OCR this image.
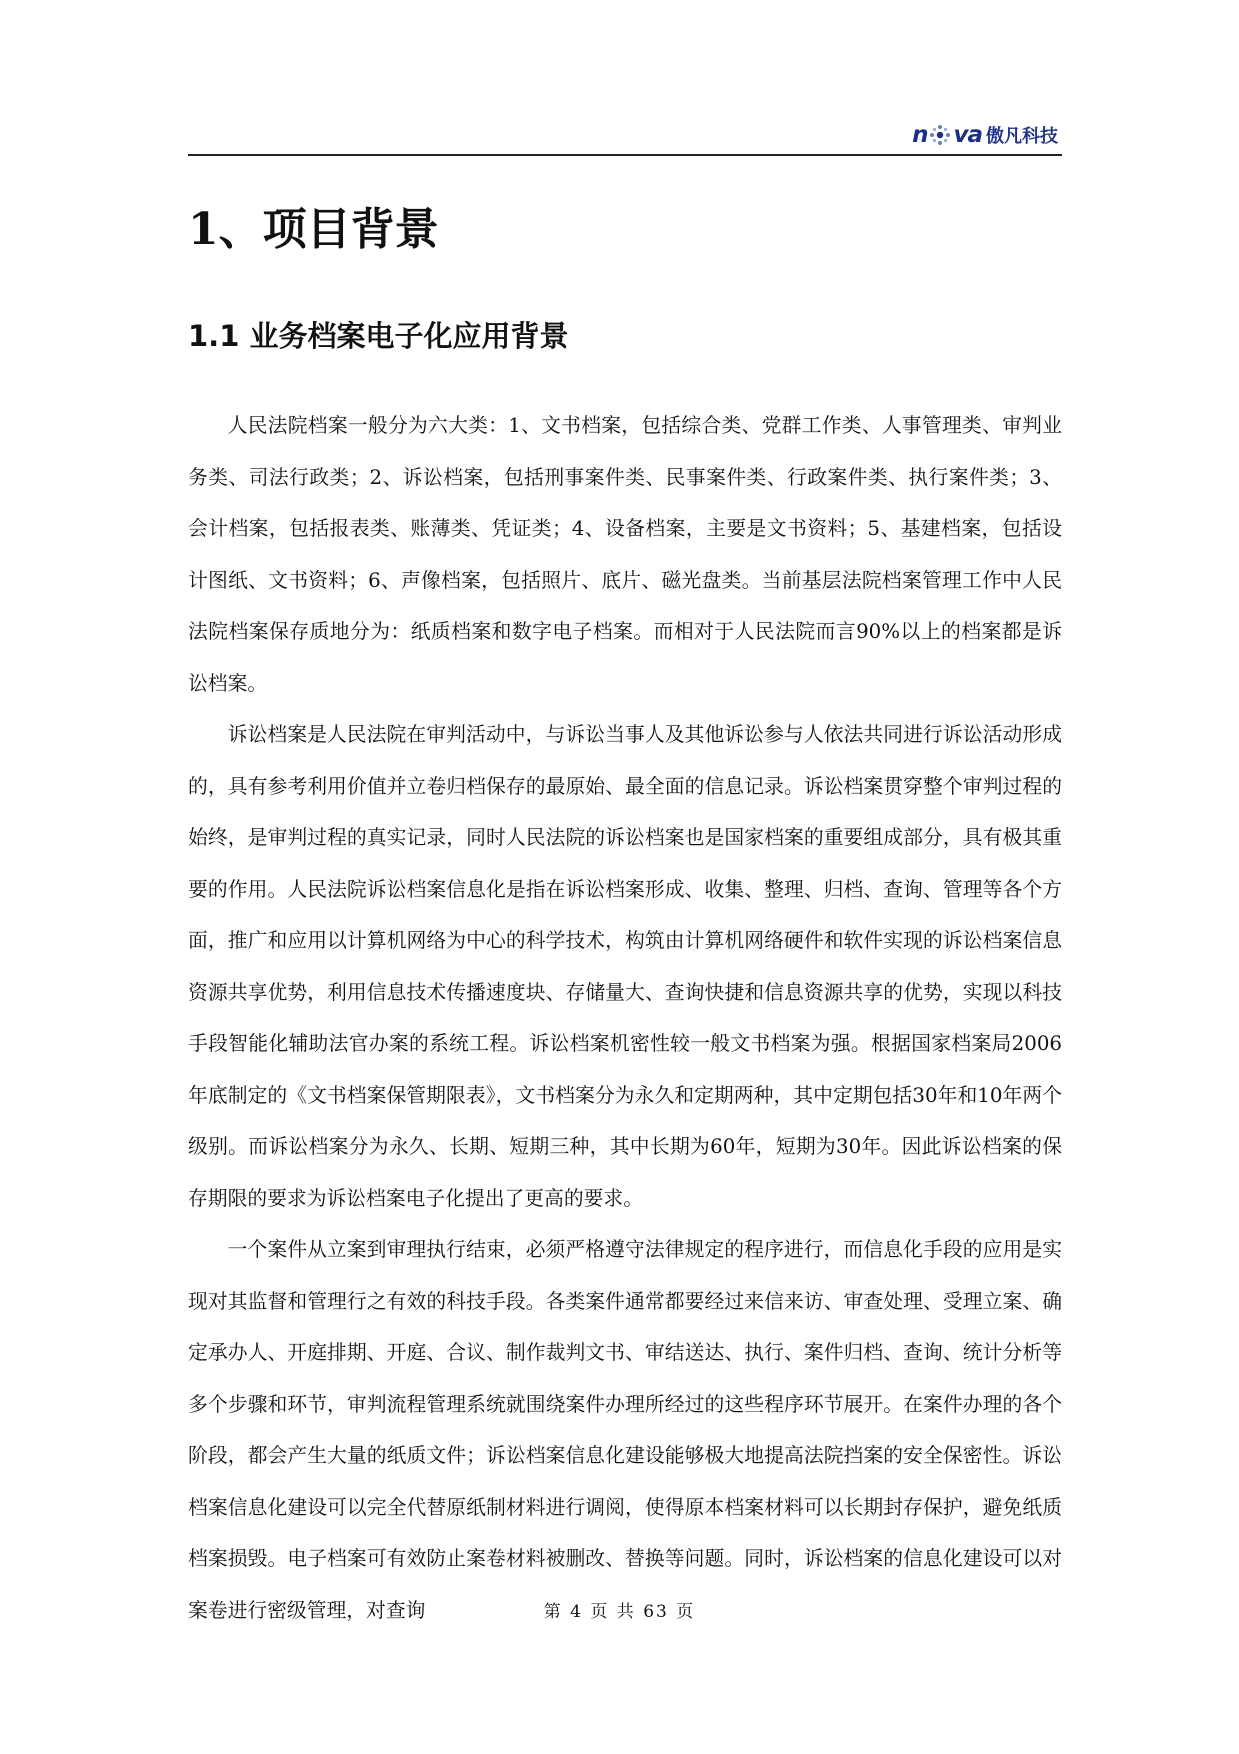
n va 傲凡科技
1、项目背景
1.1 业务档案电子化应用背景

人民法院档案一般分为六大类：1、文书档案，包括综合类、党群工作类、人事管理类、审判业务类、司法行政类；2、诉讼档案，包括刑事案件类、民事案件类、行政案件类、执行案件类；3、会计档案，包括报表类、账薄类、凭证类；4、设备档案，主要是文书资料；5、基建档案，包括设计图纸、文书资料；6、声像档案，包括照片、底片、磁光盘类。当前基层法院档案管理工作中人民法院档案保存质地分为：纸质档案和数字电子档案。而相对于人民法院而言90%以上的档案都是诉讼档案。

诉讼档案是人民法院在审判活动中，与诉讼当事人及其他诉讼参与人依法共同进行诉讼活动形成的，具有参考利用价值并立卷归档保存的最原始、最全面的信息记录。诉讼档案贯穿整个审判过程的始终，是审判过程的真实记录，同时人民法院的诉讼档案也是国家档案的重要组成部分，具有极其重要的作用。人民法院诉讼档案信息化是指在诉讼档案形成、收集、整理、归档、查询、管理等各个方面，推广和应用以计算机网络为中心的科学技术，构筑由计算机网络硬件和软件实现的诉讼档案信息资源共享优势，利用信息技术传播速度块、存储量大、查询快捷和信息资源共享的优势，实现以科技手段智能化辅助法官办案的系统工程。诉讼档案机密性较一般文书档案为强。根据国家档案局2006年底制定的《文书档案保管期限表》，文书档案分为永久和定期两种，其中定期包括30年和10年两个级别。而诉讼档案分为永久、长期、短期三种，其中长期为60年，短期为30年。因此诉讼档案的保存期限的要求为诉讼档案电子化提出了更高的要求。

一个案件从立案到审理执行结束，必须严格遵守法律规定的程序进行，而信息化手段的应用是实现对其监督和管理行之有效的科技手段。各类案件通常都要经过来信来访、审查处理、受理立案、确定承办人、开庭排期、开庭、合议、制作裁判文书、审结送达、执行、案件归档、查询、统计分析等多个步骤和环节，审判流程管理系统就围绕案件办理所经过的这些程序环节展开。在案件办理的各个阶段，都会产生大量的纸质文件；诉讼档案信息化建设能够极大地提高法院挡案的安全保密性。诉讼档案信息化建设可以完全代替原纸制材料进行调阅，使得原本档案材料可以长期封存保护，避免纸质档案损毁。电子档案可有效防止案卷材料被删改、替换等问题。同时，诉讼档案的信息化建设可以对案卷进行密级管理，对查询	第 4 页 共 63 页
